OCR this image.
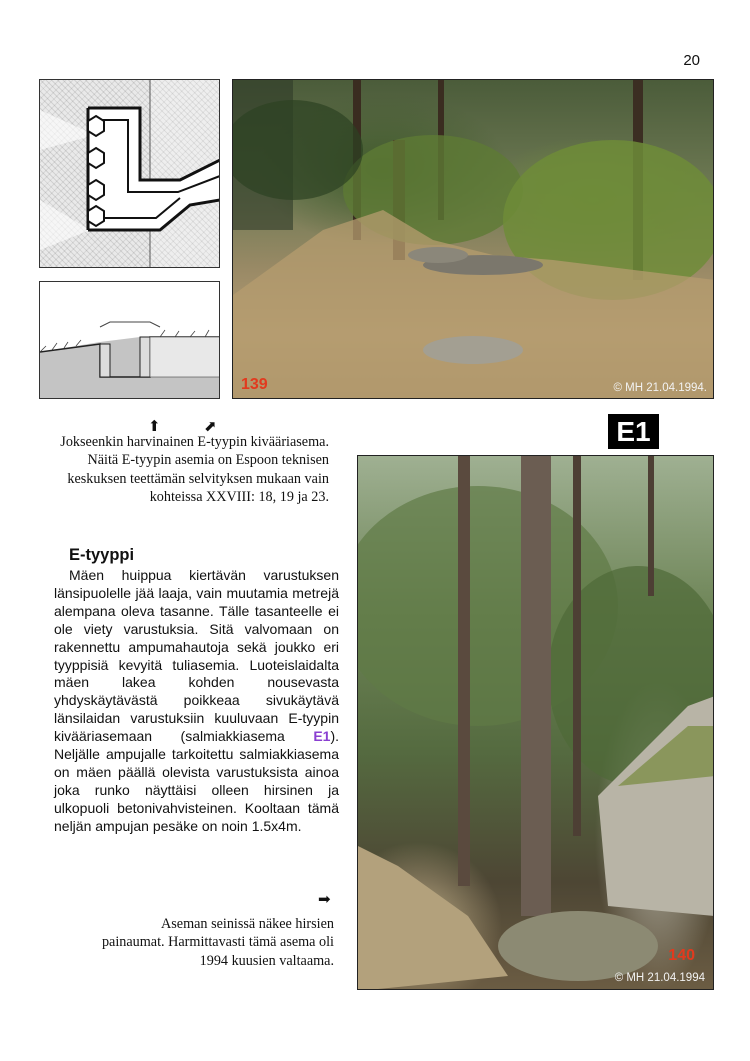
20
139	© MH 21.04.1994.
E1
⬆	⬈
Jokseenkin harvinainen E-tyypin kivääriasema. Näitä E-tyypin asemia on Espoon teknisen keskuksen teettämän selvityksen mukaan vain kohteissa XXVIII: 18, 19 ja 23.
140
© MH 21.04.1994
E-tyyppi
Mäen huippua kiertävän varustuksen länsipuolelle jää laaja, vain muutamia metrejä alempana oleva tasanne. Tälle tasanteelle ei ole viety varustuksia. Sitä valvomaan on rakennettu ampumahautoja sekä joukko eri tyyppisiä kevyitä tuliasemia. Luoteislaidalta mäen lakea kohden nousevasta yhdyskäytävästä poikkeaa sivukäytävä länsilaidan varustuksiin kuuluvaan E-tyypin kivääriasemaan (salmiakkiasema E1). Neljälle ampujalle tarkoitettu salmiakkiasema on mäen päällä olevista varustuksista ainoa joka runko näyttäisi olleen hirsinen ja ulkopuoli betonivahvisteinen. Kooltaan tämä neljän ampujan pesäke on noin 1.5x4m.
➡
Aseman seinissä näkee hirsien painaumat. Harmittavasti tämä asema oli 1994 kuusien valtaama.
